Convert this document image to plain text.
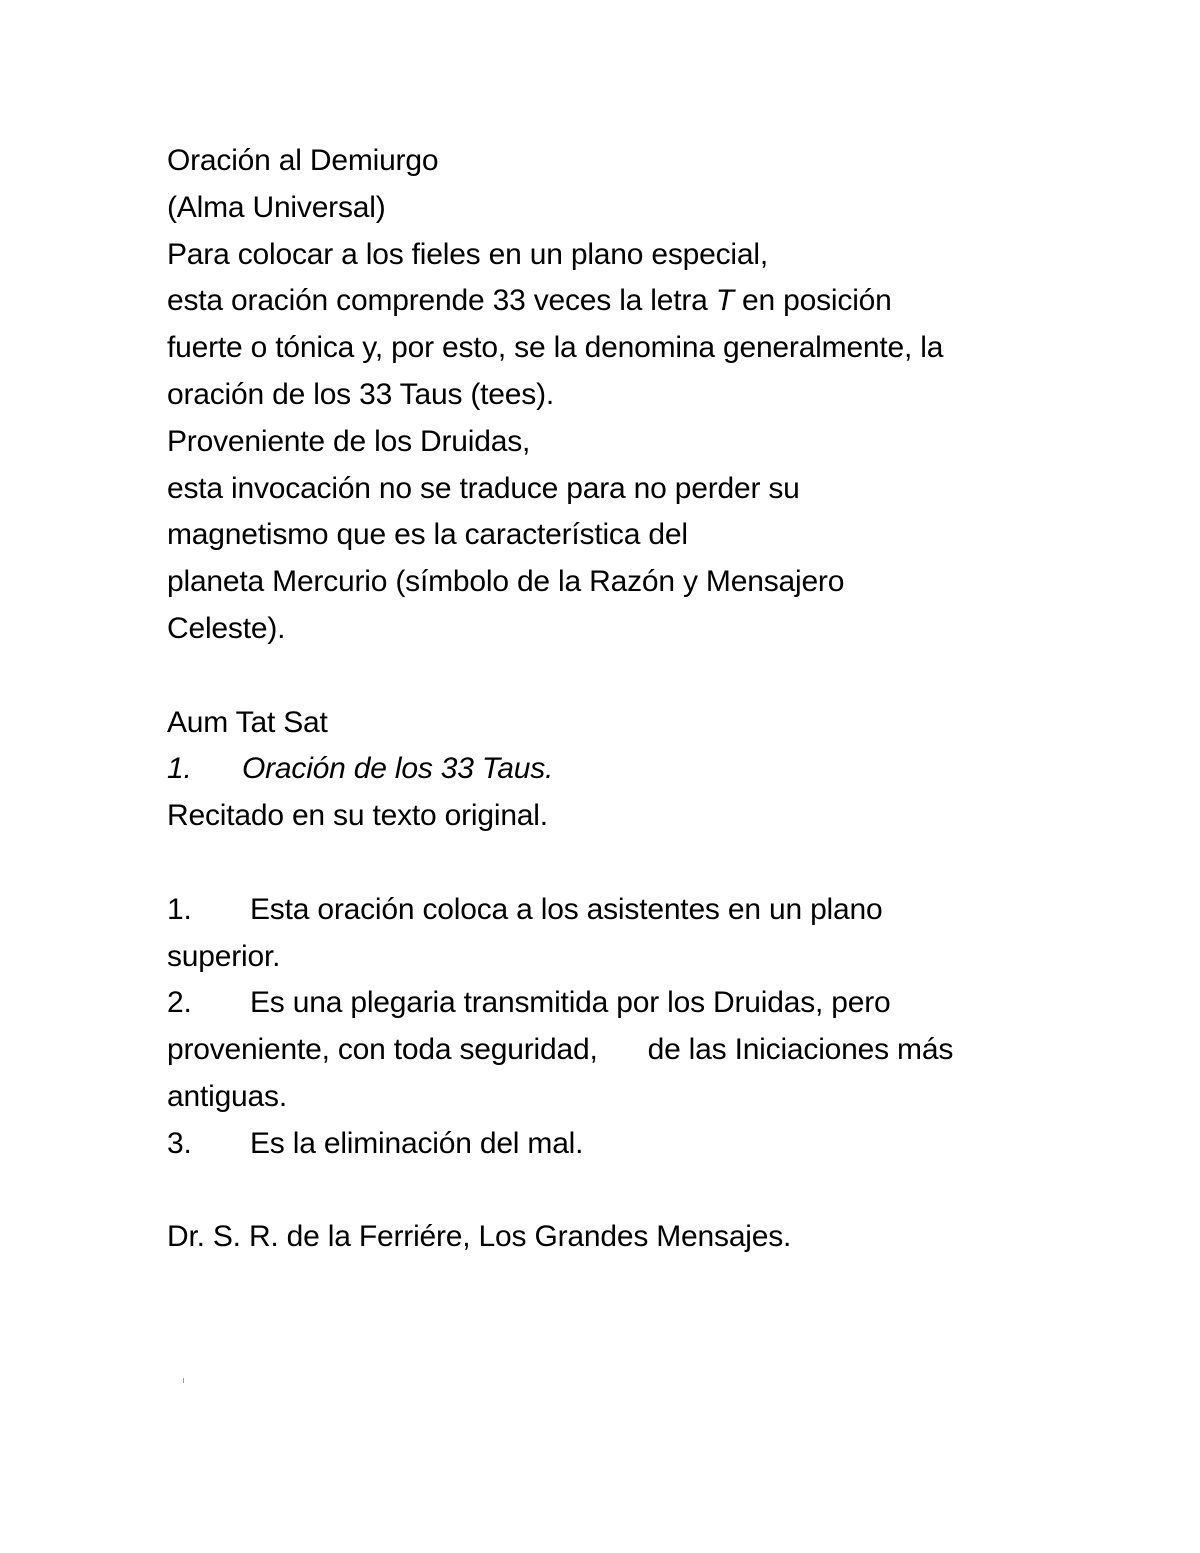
Oración al Demiurgo
(Alma Universal)
Para colocar a los fieles en un plano especial,
esta oración comprende 33 veces la letra T en posición
fuerte o tónica y, por esto, se la denomina generalmente, la
oración de los 33 Taus (tees).
Proveniente de los Druidas,
esta invocación no se traduce para no perder su
magnetismo que es la característica del
planeta Mercurio (símbolo de la Razón y Mensajero
Celeste).
Aum Tat Sat
1. Oración de los 33 Taus.
Recitado en su texto original.
1. Esta oración coloca a los asistentes en un plano
superior.
2. Es una plegaria transmitida por los Druidas, pero
proveniente, con toda seguridad, de las Iniciaciones más
antiguas.
3. Es la eliminación del mal.
Dr. S. R. de la Ferriére, Los Grandes Mensajes.
